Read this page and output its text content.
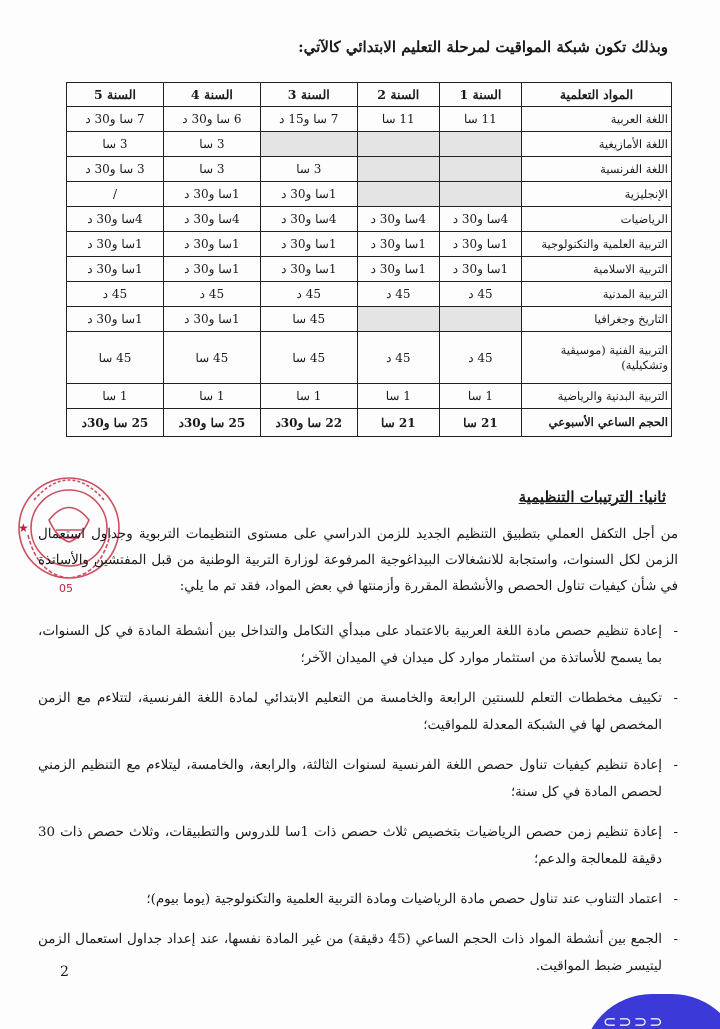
وبذلك تكون شبكة المواقيت لمرحلة التعليم الابتدائي كالآتي:
المواد التعلمية	السنة 1	السنة 2	السنة 3	السنة 4	السنة 5
اللغة العربية	11 سا	11 سا	7 سا و15 د	6 سا و30 د	7 سا و30 د
اللغة الأمازيغية				3 سا	3 سا
اللغة الفرنسية			3 سا	3 سا	3 سا و30 د
الإنجليزية			1سا و30 د	1سا و30 د	/
الرياضيات	4سا و30 د	4سا و30 د	4سا و30 د	4سا و30 د	4سا و30 د
التربية العلمية والتكنولوجية	1سا و30 د	1سا و30 د	1سا و30 د	1سا و30 د	1سا و30 د
التربية الاسلامية	1سا و30 د	1سا و30 د	1سا و30 د	1سا و30 د	1سا و30 د
التربية المدنية	45 د	45 د	45 د	45 د	45 د
التاريخ وجغرافيا			45 سا	1سا و30 د	1سا و30 د
التربية الفنية (موسيقية وتشكيلية)	45 د	45 د	45 سا	45 سا	45 سا
التربية البدنية والرياضية	1 سا	1 سا	1 سا	1 سا	1 سا
الحجم الساعي الأسبوعي	21 سا	21 سا	22 سا و30د	25 سا و30د	25 سا و30د
★
05
ثانيا: الترتيبات التنظيمية

من أجل التكفل العملي بتطبيق التنظيم الجديد للزمن الدراسي على مستوى التنظيمات التربوية وجداول استعمال الزمن لكل السنوات، واستجابة للانشغالات البيداغوجية المرفوعة لوزارة التربية الوطنية من قبل المفتشين والأساتذة في شأن كيفيات تناول الحصص والأنشطة المقررة وأزمنتها في بعض المواد، فقد تم ما يلي:

-
إعادة تنظيم حصص مادة اللغة العربية بالاعتماد على مبدأي التكامل والتداخل بين أنشطة المادة في كل السنوات، بما يسمح للأساتذة من استثمار موارد كل ميدان في الميدان الآخر؛
-
تكييف مخططات التعلم للسنتين الرابعة والخامسة من التعليم الابتدائي لمادة اللغة الفرنسية، لتتلاءم مع الزمن المخصص لها في الشبكة المعدلة للمواقيت؛
-
إعادة تنظيم كيفيات تناول حصص اللغة الفرنسية لسنوات الثالثة، والرابعة، والخامسة، ليتلاءم مع التنظيم الزمني لحصص المادة في كل سنة؛
-
إعادة تنظيم زمن حصص الرياضيات بتخصيص ثلاث حصص ذات 1سا للدروس والتطبيقات، وثلاث حصص ذات 30 دقيقة للمعالجة والدعم؛
-
اعتماد التناوب عند تناول حصص مادة الرياضيات ومادة التربية العلمية والتكنولوجية (يوما بيوم)؛
-
الجمع بين أنشطة المواد ذات الحجم الساعي (45 دقيقة) من غير المادة نفسها، عند إعداد جداول استعمال الزمن ليتيسر ضبط المواقيت.
2
⊂⊃⊃⊃
